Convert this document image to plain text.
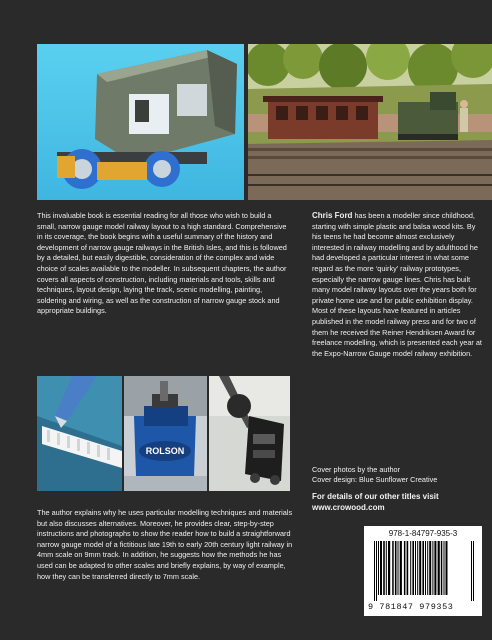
This invaluable book is essential reading for all those who wish to build a small, narrow gauge model railway layout to a high standard. Comprehensive in its coverage, the book begins with a useful summary of the history and development of narrow gauge railways in the British Isles, and this is followed by a detailed, but easily digestible, consideration of the complex and wide choice of scales available to the modeller. In subsequent chapters, the author covers all aspects of construction, including materials and tools, skills and techniques, layout design, laying the track, scenic modelling, painting, soldering and wiring, as well as the construction of narrow gauge stock and appropriate buildings.

Chris Ford has been a modeller since childhood, starting with simple plastic and balsa wood kits. By his teens he had become almost exclusively interested in railway modelling and by adulthood he had developed a particular interest in what some regard as the more ‘quirky’ railway prototypes, especially the narrow gauge lines. Chris has built many model railway layouts over the years both for private home use and for public exhibition display. Most of these layouts have featured in articles published in the model railway press and for two of them he received the Reiner Hendriksen Award for freelance modelling, which is presented each year at the Expo-Narrow Gauge model railway exhibition.

ROLSON

The author explains why he uses particular modelling techniques and materials but also discusses alternatives. Moreover, he provides clear, step-by-step instructions and photographs to show the reader how to build a straightforward narrow gauge model of a fictitious late 19th to early 20th century light railway in 4mm scale on 9mm track. In addition, he suggests how the methods he has used can be adapted to other scales and briefly explains, by way of example, how they can be transferred directly to 7mm scale.

Cover photos by the author
Cover design: Blue Sunflower Creative
For details of our other titles visit
www.crowood.com
978-1-84797-935-3
9 781847 979353
